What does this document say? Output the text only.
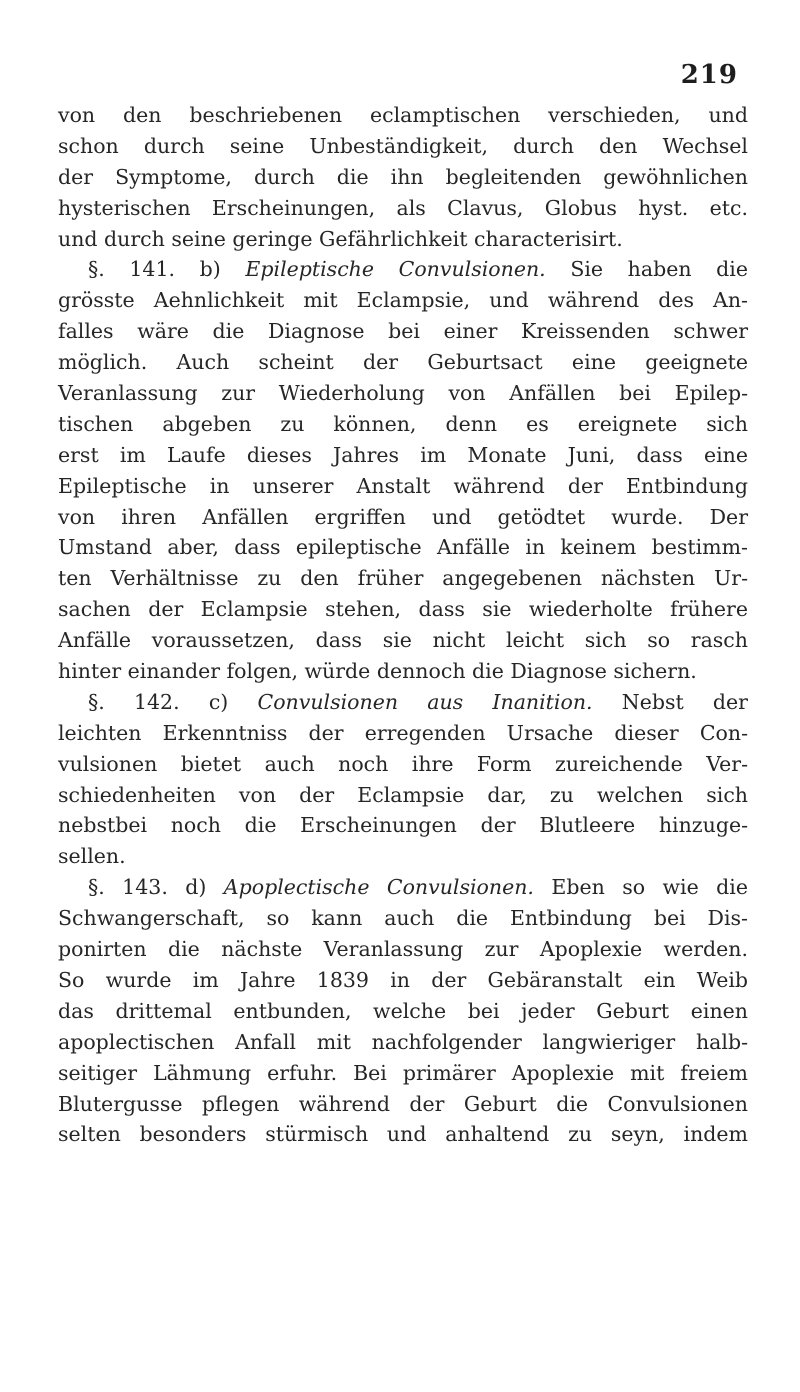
219
von den beschriebenen eclamptischen verschieden, und
schon durch seine Unbeständigkeit, durch den Wechsel
der Symptome, durch die ihn begleitenden gewöhnlichen
hysterischen Erscheinungen, als Clavus, Globus hyst. etc.
und durch seine geringe Gefährlichkeit characterisirt.
§. 141. b) Epileptische Convulsionen. Sie haben die
grösste Aehnlichkeit mit Eclampsie, und während des An-
falles wäre die Diagnose bei einer Kreissenden schwer
möglich. Auch scheint der Geburtsact eine geeignete
Veranlassung zur Wiederholung von Anfällen bei Epilep-
tischen abgeben zu können, denn es ereignete sich
erst im Laufe dieses Jahres im Monate Juni, dass eine
Epileptische in unserer Anstalt während der Entbindung
von ihren Anfällen ergriffen und getödtet wurde. Der
Umstand aber, dass epileptische Anfälle in keinem bestimm-
ten Verhältnisse zu den früher angegebenen nächsten Ur-
sachen der Eclampsie stehen, dass sie wiederholte frühere
Anfälle voraussetzen, dass sie nicht leicht sich so rasch
hinter einander folgen, würde dennoch die Diagnose sichern.
§. 142. c) Convulsionen aus Inanition. Nebst der
leichten Erkenntniss der erregenden Ursache dieser Con-
vulsionen bietet auch noch ihre Form zureichende Ver-
schiedenheiten von der Eclampsie dar, zu welchen sich
nebstbei noch die Erscheinungen der Blutleere hinzuge-
sellen.
§. 143. d) Apoplectische Convulsionen. Eben so wie die
Schwangerschaft, so kann auch die Entbindung bei Dis-
ponirten die nächste Veranlassung zur Apoplexie werden.
So wurde im Jahre 1839 in der Gebäranstalt ein Weib
das drittemal entbunden, welche bei jeder Geburt einen
apoplectischen Anfall mit nachfolgender langwieriger halb-
seitiger Lähmung erfuhr. Bei primärer Apoplexie mit freiem
Blutergusse pflegen während der Geburt die Convulsionen
selten besonders stürmisch und anhaltend zu seyn, indem
